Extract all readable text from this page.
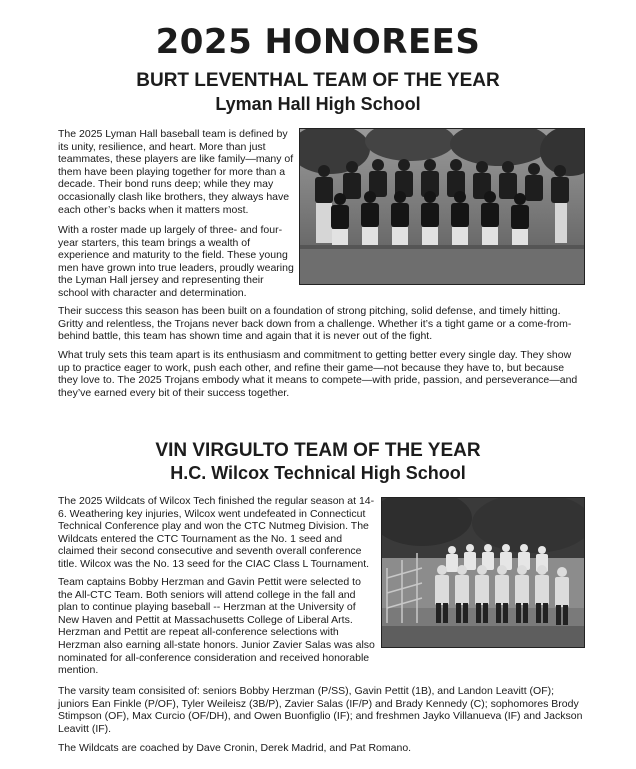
2025 HONOREES
BURT LEVENTHAL TEAM OF THE YEAR
Lyman Hall High School

The 2025 Lyman Hall baseball team is defined by its unity, resilience, and heart. More than just teammates, these players are like family—many of them have been playing together for more than a decade. Their bond runs deep; while they may occasionally clash like brothers, they always have each other’s backs when it matters most.

With a roster made up largely of three- and four-year starters, this team brings a wealth of experience and maturity to the field. These young men have grown into true leaders, proudly wearing the Lyman Hall jersey and representing their school with character and determination.

Their success this season has been built on a foundation of strong pitching, solid defense, and timely hitting. Gritty and relentless, the Trojans never back down from a challenge. Whether it’s a tight game or a come-from-behind battle, this team has shown time and again that it is never out of the fight.

What truly sets this team apart is its enthusiasm and commitment to getting better every single day. They show up to practice eager to work, push each other, and refine their game—not because they have to, but because they love to. The 2025 Trojans embody what it means to compete—with pride, passion, and perseverance—and they’ve earned every bit of their success together.

VIN VIRGULTO TEAM OF THE YEAR
H.C. Wilcox Technical High School

The 2025 Wildcats of Wilcox Tech finished the regular season at 14-6. Weathering key injuries, Wilcox went undefeated in Connecticut Technical Conference play and won the CTC Nutmeg Division. The Wildcats entered the CTC Tournament as the No. 1 seed and claimed their second consecutive and seventh overall conference title. Wilcox was the No. 13 seed for the CIAC Class L Tournament.

Team captains Bobby Herzman and Gavin Pettit were selected to the All-CTC Team. Both seniors will attend college in the fall and plan to continue playing baseball -- Herzman at the University of New Haven and Pettit at Massachusetts College of Liberal Arts. Herzman and Pettit are repeat all-conference selections with Herzman also earning all-state honors. Junior Zavier Salas was also nominated for all-conference consideration and received honorable mention.

The varsity team consisited of: seniors Bobby Herzman (P/SS), Gavin Pettit (1B), and Landon Leavitt (OF); juniors Ean Finkle (P/OF), Tyler Weileisz (3B/P), Zavier Salas (IF/P) and Brady Kennedy (C); sophomores Brody Stimpson (OF), Max Curcio (OF/DH), and Owen Buonfiglio (IF); and freshmen Jayko Villanueva (IF) and Jackson Leavitt (IF).

The Wildcats are coached by Dave Cronin, Derek Madrid, and Pat Romano.
